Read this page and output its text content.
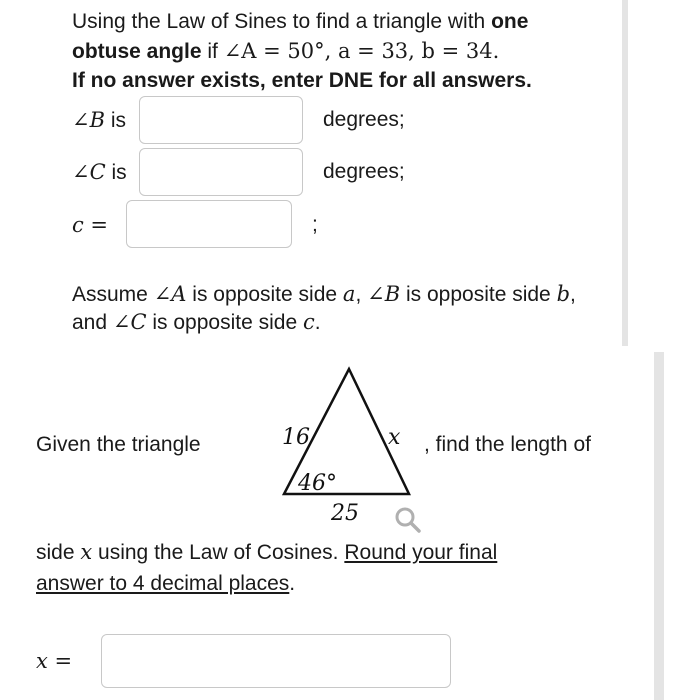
Using the Law of Sines to find a triangle with one
obtuse angle if ∠A = 50°, a = 33, b = 34.
If no answer exists, enter DNE for all answers.
∠B is	degrees;
∠C is	degrees;
c =	;
Assume ∠A is opposite side a, ∠B is opposite side b,
and ∠C is opposite side c.
Given the triangle	16	x
46°
25
, find the length of
side x using the Law of Cosines. Round your final
answer to 4 decimal places.
x =
